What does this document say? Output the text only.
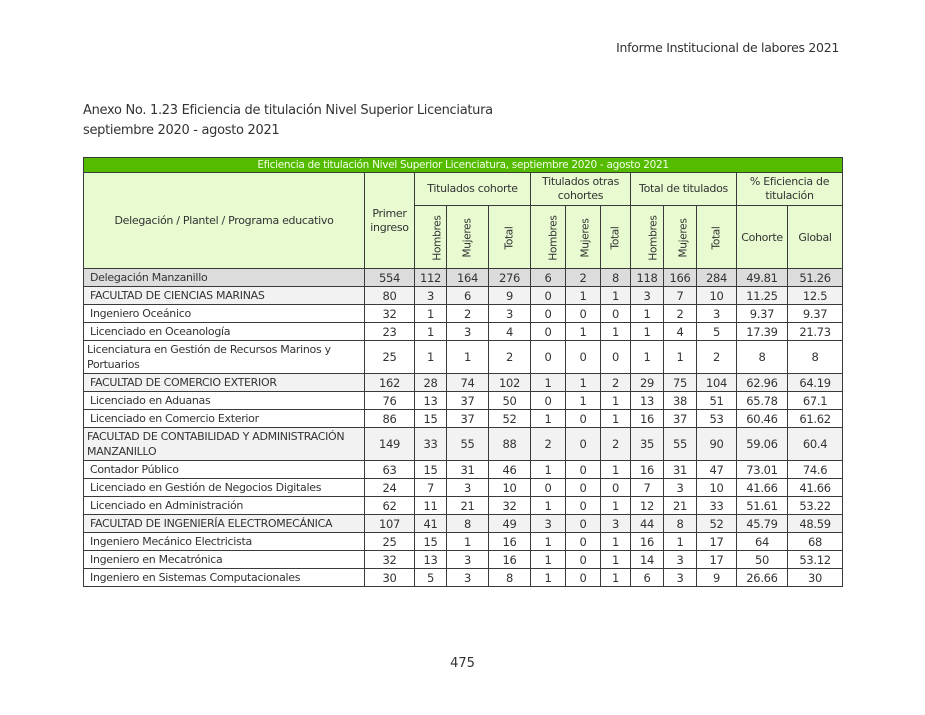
Informe Institucional de labores 2021
Anexo No. 1.23 Eficiencia de titulación Nivel Superior Licenciatura
septiembre 2020 - agosto 2021
Eficiencia de titulación Nivel Superior Licenciatura, septiembre 2020 - agosto 2021												
Delegación / Plantel / Programa educativo	Primer ingreso	Titulados cohorte			Titulados otras cohortes			Total de titulados			% Eficiencia de titulación	
		Hombres	Mujeres	Total	Hombres	Mujeres	Total	Hombres	Mujeres	Total	Cohorte	Global
Delegación Manzanillo	554	112	164	276	6	2	8	118	166	284	49.81	51.26
FACULTAD DE CIENCIAS MARINAS	80	3	6	9	0	1	1	3	7	10	11.25	12.5
Ingeniero Oceánico	32	1	2	3	0	0	0	1	2	3	9.37	9.37
Licenciado en Oceanología	23	1	3	4	0	1	1	1	4	5	17.39	21.73
Licenciatura en Gestión de Recursos Marinos y Portuarios	25	1	1	2	0	0	0	1	1	2	8	8
FACULTAD DE COMERCIO EXTERIOR	162	28	74	102	1	1	2	29	75	104	62.96	64.19
Licenciado en Aduanas	76	13	37	50	0	1	1	13	38	51	65.78	67.1
Licenciado en Comercio Exterior	86	15	37	52	1	0	1	16	37	53	60.46	61.62
FACULTAD DE CONTABILIDAD Y ADMINISTRACIÓN MANZANILLO	149	33	55	88	2	0	2	35	55	90	59.06	60.4
Contador Público	63	15	31	46	1	0	1	16	31	47	73.01	74.6
Licenciado en Gestión de Negocios Digitales	24	7	3	10	0	0	0	7	3	10	41.66	41.66
Licenciado en Administración	62	11	21	32	1	0	1	12	21	33	51.61	53.22
FACULTAD DE INGENIERÍA ELECTROMECÁNICA	107	41	8	49	3	0	3	44	8	52	45.79	48.59
Ingeniero Mecánico Electricista	25	15	1	16	1	0	1	16	1	17	64	68
Ingeniero en Mecatrónica	32	13	3	16	1	0	1	14	3	17	50	53.12
Ingeniero en Sistemas Computacionales	30	5	3	8	1	0	1	6	3	9	26.66	30
475
